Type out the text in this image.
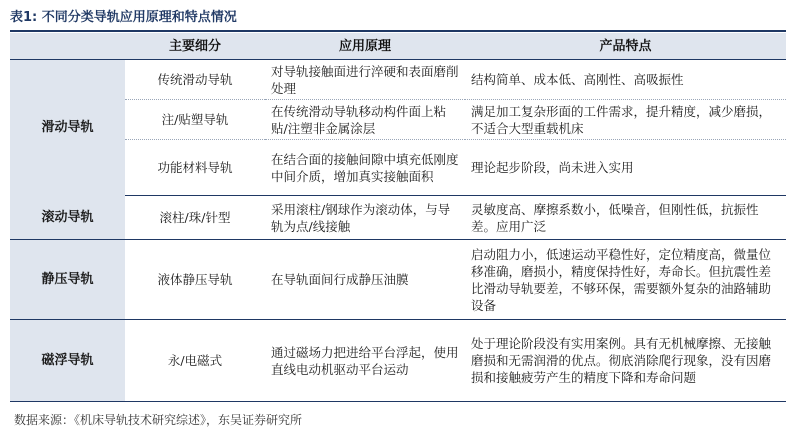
表1: 不同分类导轨应用原理和特点情况
	主要细分	应用原理	产品特点
滑动导轨	传统滑动导轨	对导轨接触面进行淬硬和表面磨削处理	结构简单、成本低、高刚性、高吸振性
	注/贴塑导轨	在传统滑动导轨移动构件面上粘贴/注塑非金属涂层	满足加工复杂形面的工件需求，提升精度，减少磨损，不适合大型重载机床
	功能材料导轨	在结合面的接触间隙中填充低刚度中间介质，增加真实接触面积	理论起步阶段，尚未进入实用
滚动导轨	滚柱/珠/针型	采用滚柱/钢球作为滚动体，与导轨为点/线接触	灵敏度高、摩擦系数小，低噪音，但刚性低，抗振性差。应用广泛
静压导轨	液体静压导轨	在导轨面间行成静压油膜	启动阻力小，低速运动平稳性好，定位精度高，微量位移准确，磨损小，精度保持性好，寿命长。但抗震性差比滑动导轨要差，不够环保，需要额外复杂的油路辅助设备
磁浮导轨	永/电磁式	通过磁场力把进给平台浮起，使用直线电动机驱动平台运动	处于理论阶段没有实用案例。具有无机械摩擦、无接触磨损和无需润滑的优点。彻底消除爬行现象，没有因磨损和接触疲劳产生的精度下降和寿命问题
数据来源：《机床导轨技术研究综述》，东吴证券研究所
